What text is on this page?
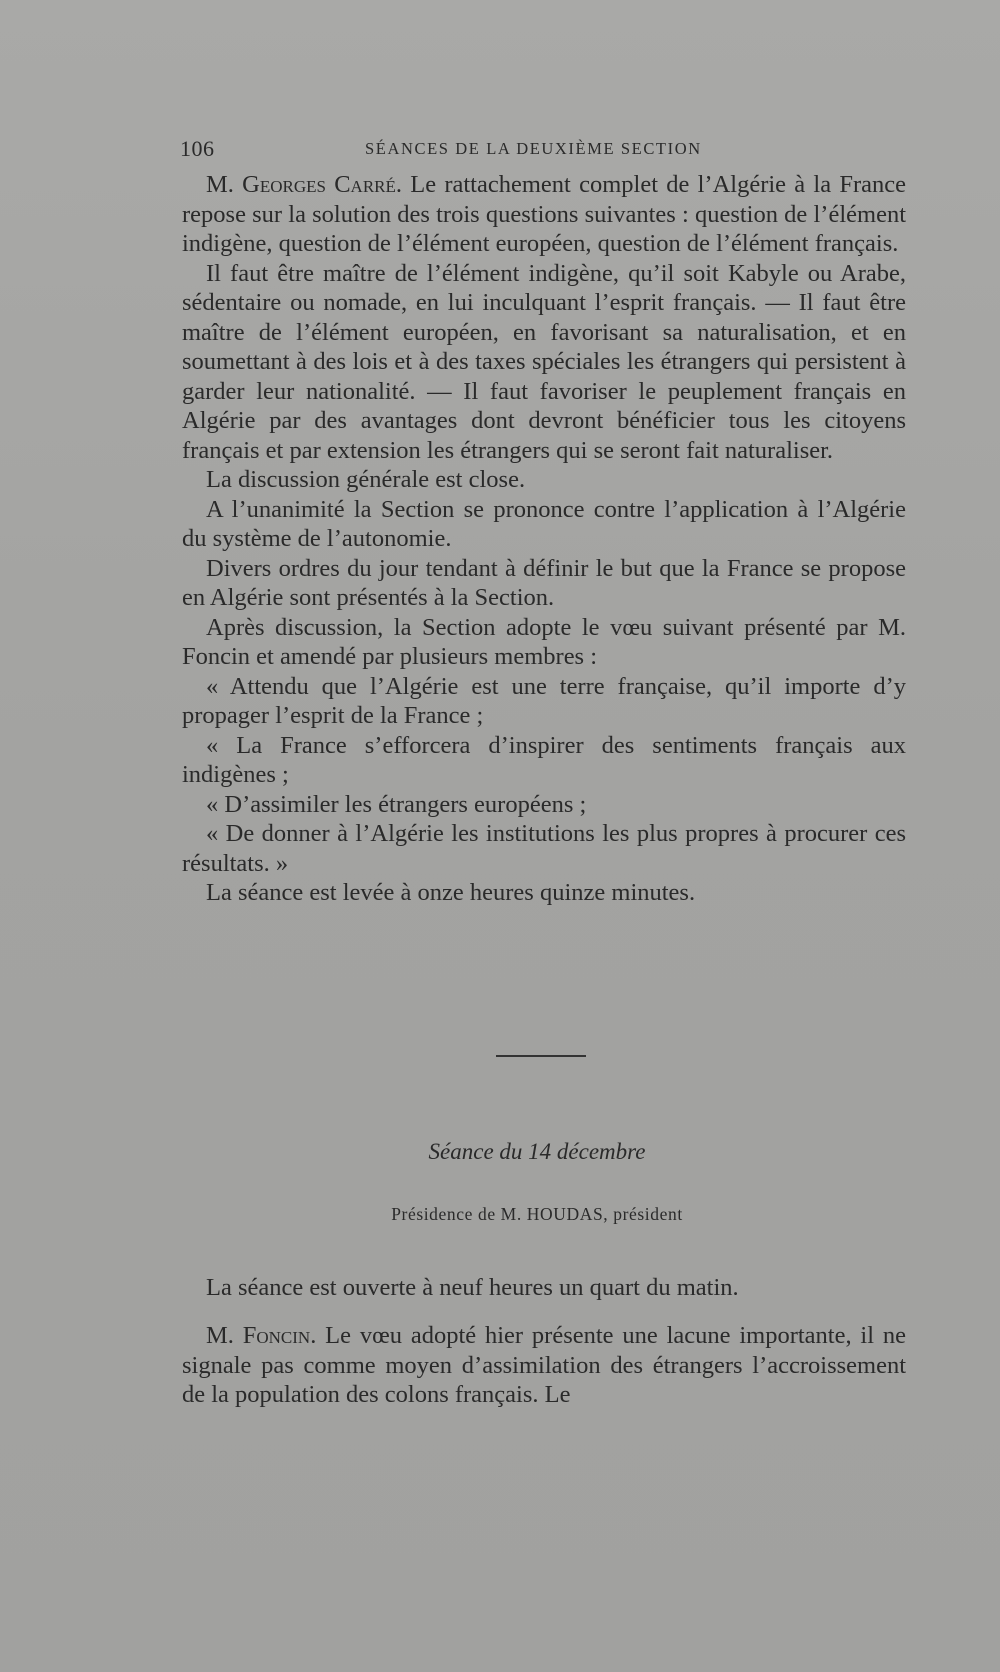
106	SÉANCES DE LA DEUXIÈME SECTION

M. Georges Carré. Le rattachement complet de l’Algérie à la France repose sur la solution des trois questions suivantes : question de l’élément indigène, question de l’élément européen, question de l’élément français.

Il faut être maître de l’élément indigène, qu’il soit Kabyle ou Arabe, sédentaire ou nomade, en lui inculquant l’esprit français. — Il faut être maître de l’élément européen, en favorisant sa naturalisation, et en soumettant à des lois et à des taxes spéciales les étrangers qui persistent à garder leur nationalité. — Il faut favoriser le peuplement français en Algérie par des avantages dont devront bénéficier tous les citoyens français et par extension les étrangers qui se seront fait naturaliser.

La discussion générale est close.

A l’unanimité la Section se prononce contre l’application à l’Algérie du système de l’autonomie.

Divers ordres du jour tendant à définir le but que la France se propose en Algérie sont présentés à la Section.

Après discussion, la Section adopte le vœu suivant présenté par M. Foncin et amendé par plusieurs membres :

« Attendu que l’Algérie est une terre française, qu’il importe d’y propager l’esprit de la France ;

« La France s’efforcera d’inspirer des sentiments français aux indigènes ;

« D’assimiler les étrangers européens ;

« De donner à l’Algérie les institutions les plus propres à procurer ces résultats. »

La séance est levée à onze heures quinze minutes.

Séance du 14 décembre
Présidence de M. HOUDAS, président
La séance est ouverte à neuf heures un quart du matin.

M. Foncin. Le vœu adopté hier présente une lacune importante, il ne signale pas comme moyen d’assimilation des étrangers l’accroissement de la population des colons français. Le
